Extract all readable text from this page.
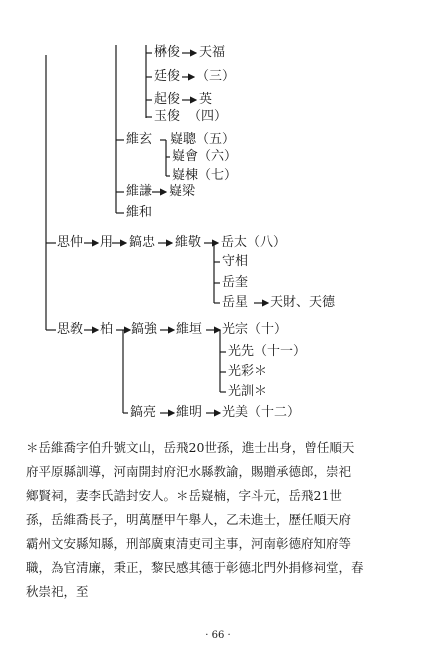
楙俊 天福
廷俊 （三）
起俊 英
玉俊 （四）
維玄 嶷聰（五）
嶷會（六）
嶷棟（七）
維謙 嶷梁
維和
思仲 用 鎬忠 維敬 岳太（八）
守相
岳奎
岳星 天財、天德
思敎 柏 鎬強 維垣 光宗（十）
光先（十一）
光彩＊
光訓＊
鎬亮 維明 光美（十二）

＊岳維喬字伯升號文山，岳飛20世孫，進士出身，曾任順天
府平原縣訓導，河南開封府汜水縣教諭，賜贈承德郎，崇祀
鄉賢祠，妻李氏誥封安人。＊岳嶷楠，字斗元，岳飛21世
孫，岳維喬長子，明萬歷甲午舉人，乙未進士，歷任順天府
霸州文安縣知縣，刑部廣東清吏司主事，河南彰德府知府等
職，為官清廉，秉正，黎民感其德于彰德北門外捐修祠堂，春
秋崇祀，至

· 66 ·
